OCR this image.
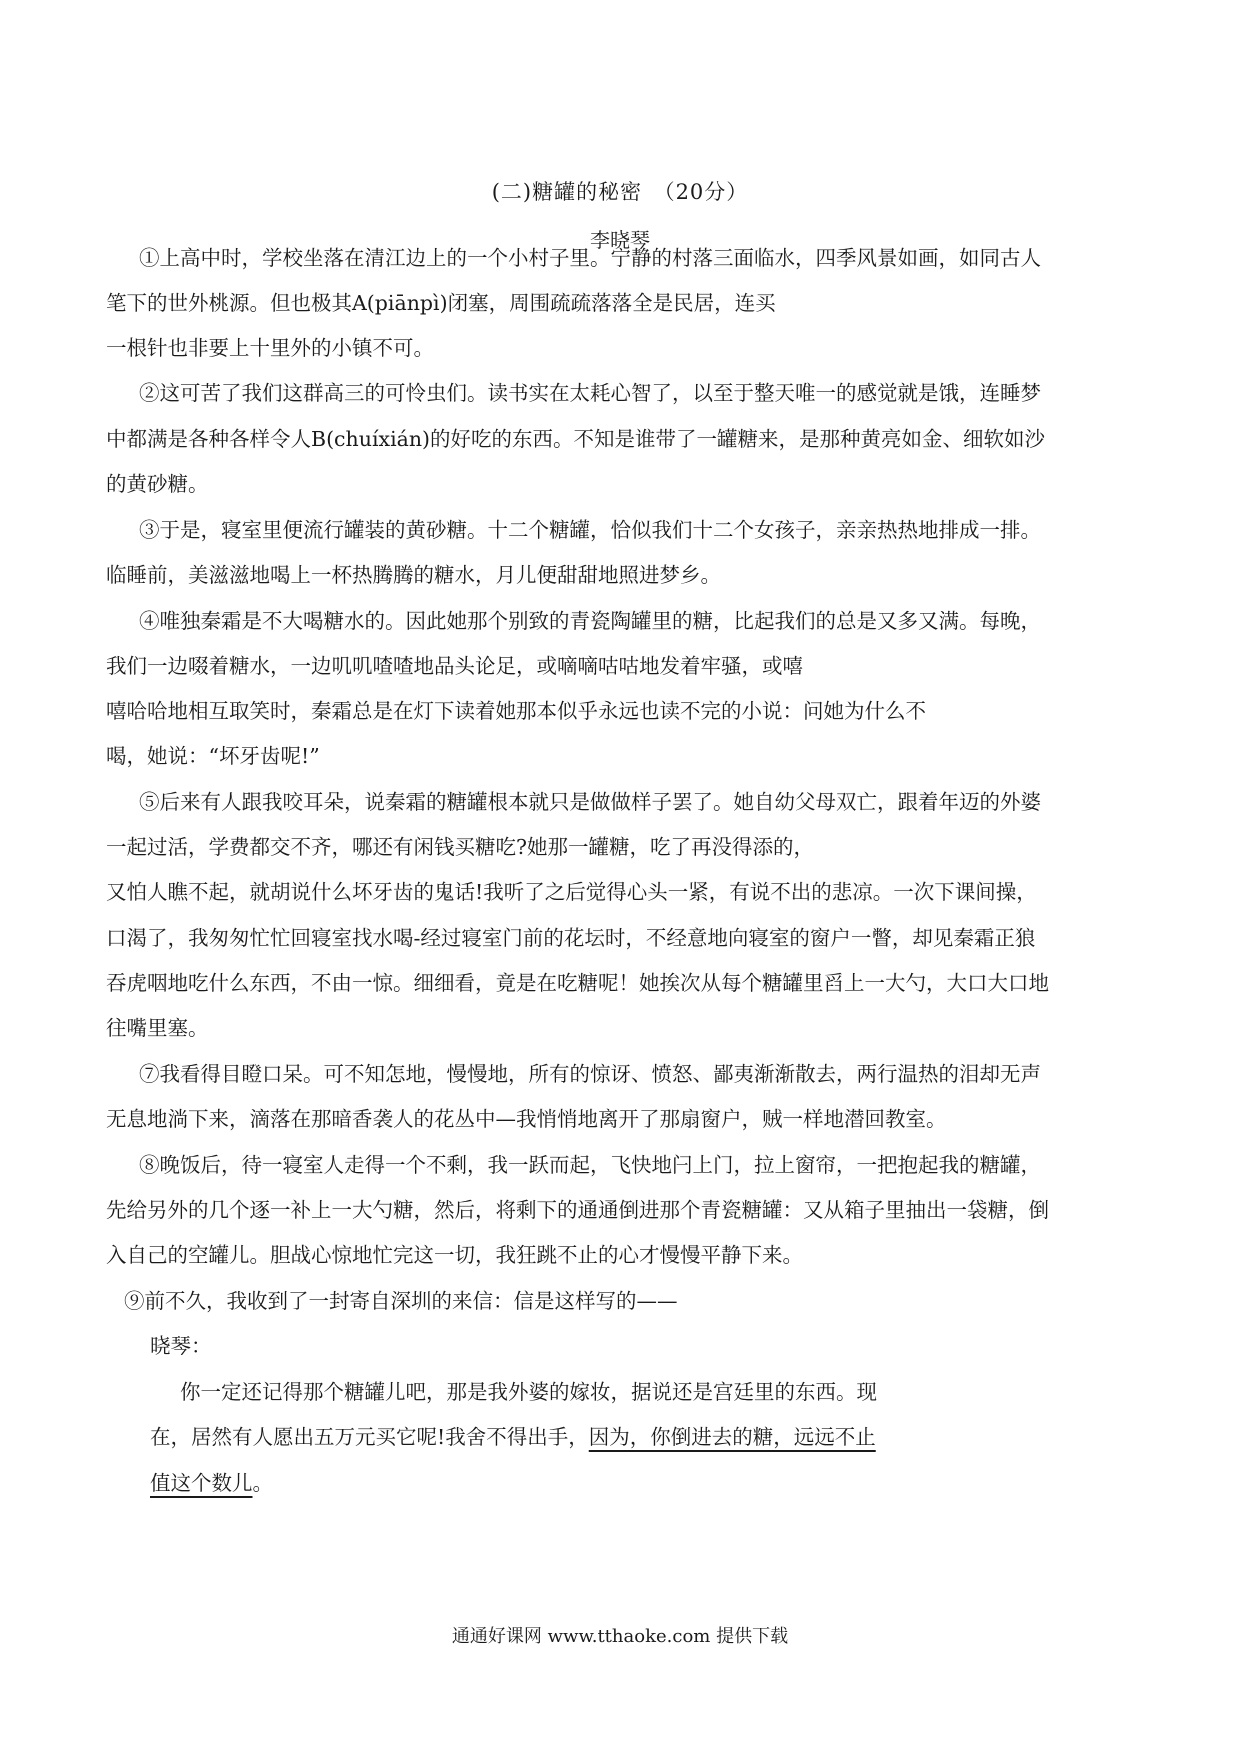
(二)糖罐的秘密　（20分）
李晓琴
①上高中时，学校坐落在清江边上的一个小村子里。宁静的村落三面临水，四季风景如画，如同古人
笔下的世外桃源。但也极其A(piānpì)闭塞，周围疏疏落落全是民居，连买
一根针也非要上十里外的小镇不可。
②这可苦了我们这群高三的可怜虫们。读书实在太耗心智了，以至于整天唯一的感觉就是饿，连睡梦
中都满是各种各样令人B(chuíxián)的好吃的东西。不知是谁带了一罐糖来，是那种黄亮如金、细软如沙
的黄砂糖。
③于是，寝室里便流行罐装的黄砂糖。十二个糖罐，恰似我们十二个女孩子，亲亲热热地排成一排。
临睡前，美滋滋地喝上一杯热腾腾的糖水，月儿便甜甜地照进梦乡。
④唯独秦霜是不大喝糖水的。因此她那个别致的青瓷陶罐里的糖，比起我们的总是又多又满。每晚，
我们一边啜着糖水，一边叽叽喳喳地品头论足，或嘀嘀咕咕地发着牢骚，或嘻
嘻哈哈地相互取笑时，秦霜总是在灯下读着她那本似乎永远也读不完的小说：问她为什么不
喝，她说：“坏牙齿呢!”
⑤后来有人跟我咬耳朵，说秦霜的糖罐根本就只是做做样子罢了。她自幼父母双亡，跟着年迈的外婆
一起过活，学费都交不齐，哪还有闲钱买糖吃?她那一罐糖，吃了再没得添的，
又怕人瞧不起，就胡说什么坏牙齿的鬼话!我听了之后觉得心头一紧，有说不出的悲凉。一次下课间操，
口渴了，我匆匆忙忙回寝室找水喝-经过寝室门前的花坛时，不经意地向寝室的窗户一瞥，却见秦霜正狼
吞虎咽地吃什么东西，不由一惊。细细看，竟是在吃糖呢！她挨次从每个糖罐里舀上一大勺，大口大口地
往嘴里塞。
⑦我看得目瞪口呆。可不知怎地，慢慢地，所有的惊讶、愤怒、鄙夷渐渐散去，两行温热的泪却无声
无息地淌下来，滴落在那暗香袭人的花丛中—我悄悄地离开了那扇窗户，贼一样地潜回教室。
⑧晚饭后，待一寝室人走得一个不剩，我一跃而起，飞快地闩上门，拉上窗帘，一把抱起我的糖罐，
先给另外的几个逐一补上一大勺糖，然后，将剩下的通通倒进那个青瓷糖罐：又从箱子里抽出一袋糖，倒
入自己的空罐儿。胆战心惊地忙完这一切，我狂跳不止的心才慢慢平静下来。
⑨前不久，我收到了一封寄自深圳的来信：信是这样写的——
晓琴：
你一定还记得那个糖罐儿吧，那是我外婆的嫁妆，据说还是宫廷里的东西。现
在，居然有人愿出五万元买它呢!我舍不得出手，因为，你倒进去的糖，远远不止
值这个数儿。
通通好课网 www.tthaoke.com 提供下载
